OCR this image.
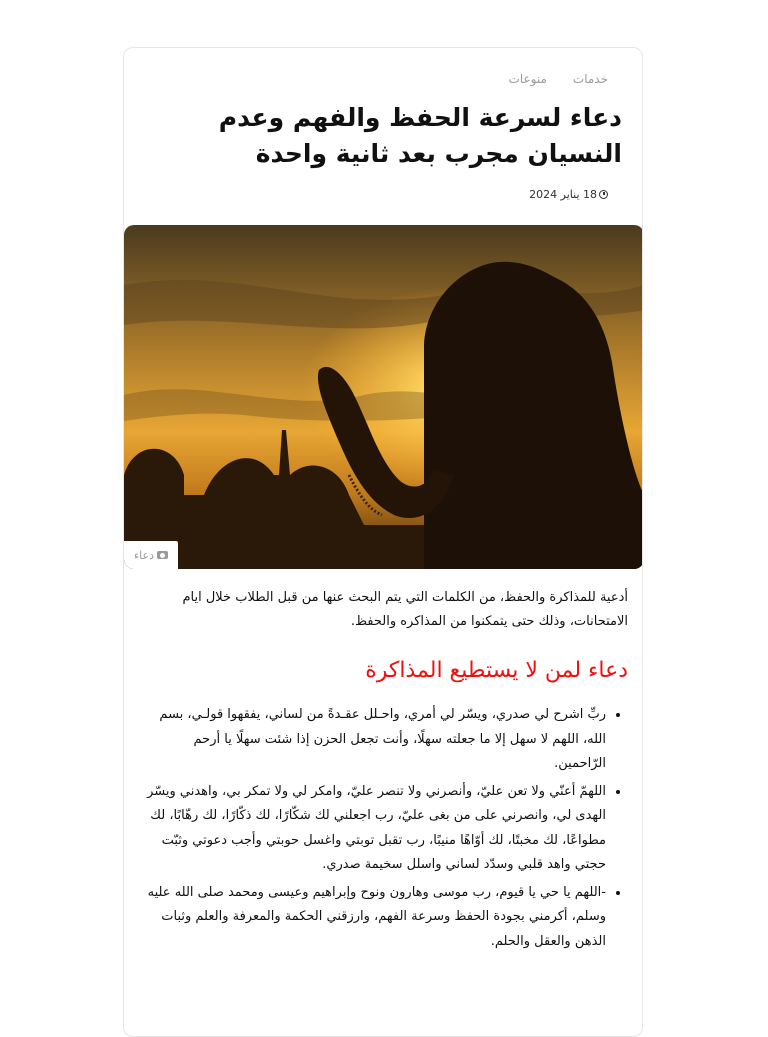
خدمات
منوعات
دعاء لسرعة الحفظ والفهم وعدم النسيان مجرب بعد ثانية واحدة
18 يناير 2024
دعاء

أدعية للمذاكرة والحفظ، من الكلمات التي يتم البحث عنها من قبل الطلاب خلال ايام الامتحانات، وذلك حتى يتمكنوا من المذاكره والحفظ.

دعاء لمن لا يستطيع المذاكرة
• ربِّ اشرح لي صدري، ويسّر لي أمري، واحـلل عقـدةً من لساني، يفقهوا قولـي، بسم الله، اللهم لا سهل إلا ما جعلته سهلًا، وأنت تجعل الحزن إذا شئت سهلًا يا أرحم الرّاحمين.
• اللهمّ أعنّي ولا تعن عليّ، وأنصرني ولا تنصر عليّ، وامكر لي ولا تمكر بي، واهدني ويسّر الهدى لي، وانصرني على من بغى عليّ، رب اجعلني لك شكّارًا، لك ذكّارًا، لك رهّابًا، لك مطواعًا، لك مخبتًا، لك أوّاهًا منيبًا، رب تقبل توبتي واغسل حوبتي وأجب دعوتي وثبّت حجتي واهد قلبي وسدّد لساني واسلل سخيمة صدري.
• -اللهم يا حي يا قيوم، رب موسى وهارون ونوح وإبراهيم وعيسى ومحمد صلى الله عليه وسلم، أكرمني بجودة الحفظ وسرعة الفهم، وارزقني الحكمة والمعرفة والعلم وثبات الذهن والعقل والحلم.
